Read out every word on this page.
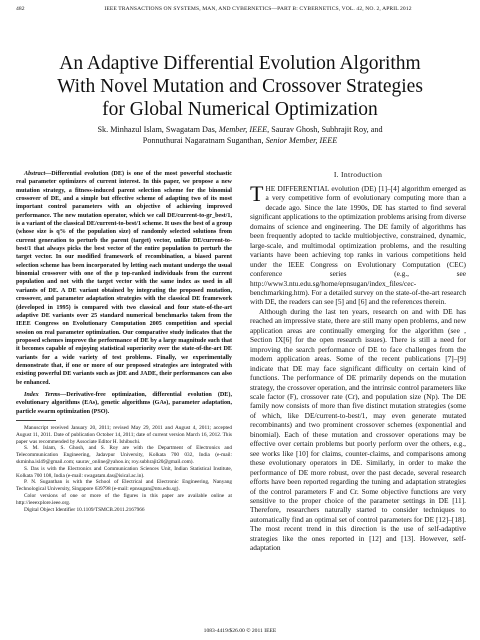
482	IEEE TRANSACTIONS ON SYSTEMS, MAN, AND CYBERNETICS—PART B: CYBERNETICS, VOL. 42, NO. 2, APRIL 2012
An Adaptive Differential Evolution Algorithm
With Novel Mutation and Crossover Strategies
for Global Numerical Optimization
Sk. Minhazul Islam, Swagatam Das, Member, IEEE, Saurav Ghosh, Subhrajit Roy, and
Ponnuthurai Nagaratnam Suganthan, Senior Member, IEEE

Abstract—Differential evolution (DE) is one of the most powerful stochastic real parameter optimizers of current interest. In this paper, we propose a new mutation strategy, a fitness-induced parent selection scheme for the binomial crossover of DE, and a simple but effective scheme of adapting two of its most important control parameters with an objective of achieving improved performance. The new mutation operator, which we call DE/current-to-gr_best/1, is a variant of the classical DE/current-to-best/1 scheme. It uses the best of a group (whose size is q% of the population size) of randomly selected solutions from current generation to perturb the parent (target) vector, unlike DE/current-to-best/1 that always picks the best vector of the entire population to perturb the target vector. In our modified framework of recombination, a biased parent selection scheme has been incorporated by letting each mutant undergo the usual binomial crossover with one of the p top-ranked individuals from the current population and not with the target vector with the same index as used in all variants of DE. A DE variant obtained by integrating the proposed mutation, crossover, and parameter adaptation strategies with the classical DE framework (developed in 1995) is compared with two classical and four state-of-the-art adaptive DE variants over 25 standard numerical benchmarks taken from the IEEE Congress on Evolutionary Computation 2005 competition and special session on real parameter optimization. Our comparative study indicates that the proposed schemes improve the performance of DE by a large magnitude such that it becomes capable of enjoying statistical superiority over the state-of-the-art DE variants for a wide variety of test problems. Finally, we experimentally demonstrate that, if one or more of our proposed strategies are integrated with existing powerful DE variants such as jDE and JADE, their performances can also be enhanced.

Index Terms—Derivative-free optimization, differential evolution (DE), evolutionary algorithms (EAs), genetic algorithms (GAs), parameter adaptation, particle swarm optimization (PSO).

Manuscript received January 20, 2011; revised May 29, 2011 and August 4, 2011; accepted August 11, 2011. Date of publication October 14, 2011; date of current version March 16, 2012. This paper was recommended by Associate Editor H. Ishibuchi.

S. M. Islam, S. Ghosh, and S. Roy are with the Department of Electronics and Telecommunication Engineering, Jadavpur University, Kolkata 700 032, India (e-mail: skminha.isl49@gmail.com; saurav_online@yahoo.in; roy.subhrajit20@gmail.com).

S. Das is with the Electronics and Communication Sciences Unit, Indian Statistical Institute, Kolkata 700 108, India (e-mail: swagatam.das@isical.ac.in).

P. N. Suganthan is with the School of Electrical and Electronic Engineering, Nanyang Technological University, Singapore 639798 (e-mail: epnsugan@ntu.edu.sg).

Color versions of one or more of the figures in this paper are available online at http://ieeexplore.ieee.org.

Digital Object Identifier 10.1109/TSMCB.2011.2167966

I. Introduction

THE DIFFERENTIAL evolution (DE) [1]–[4] algorithm emerged as a very competitive form of evolutionary computing more than a decade ago. Since the late 1990s, DE has started to find several significant applications to the optimization problems arising from diverse domains of science and engineering. The DE family of algorithms has been frequently adopted to tackle multiobjective, constrained, dynamic, large-scale, and multimodal optimization problems, and the resulting variants have been achieving top ranks in various competitions held under the IEEE Congress on Evolutionary Computation (CEC) conference series (e.g., see http://www3.ntu.edu.sg/home/epnsugan/index_files/cec-benchmarking.htm). For a detailed survey on the state-of-the-art research with DE, the readers can see [5] and [6] and the references therein.

Although during the last ten years, research on and with DE has reached an impressive state, there are still many open problems, and new application areas are continually emerging for the algorithm (see , Section IX[6] for the open research issues). There is still a need for improving the search performance of DE to face challenges from the modern application areas. Some of the recent publications [7]–[9] indicate that DE may face significant difficulty on certain kind of functions. The performance of DE primarily depends on the mutation strategy, the crossover operation, and the intrinsic control parameters like scale factor (F), crossover rate (Cr), and population size (Np). The DE family now consists of more than five distinct mutation strategies (some of which, like DE/current-to-best/1, may even generate mutated recombinants) and two prominent crossover schemes (exponential and binomial). Each of these mutation and crossover operations may be effective over certain problems but poorly perform over the others, e.g., see works like [10] for claims, counter-claims, and comparisons among these evolutionary operators in DE. Similarly, in order to make the performance of DE more robust, over the past decade, several research efforts have been reported regarding the tuning and adaptation strategies of the control parameters F and Cr. Some objective functions are very sensitive to the proper choice of the parameter settings in DE [11]. Therefore, researchers naturally started to consider techniques to automatically find an optimal set of control parameters for DE [12]–[18]. The most recent trend in this direction is the use of self-adaptive strategies like the ones reported in [12] and [13]. However, self-adaptation

1083-4419/$26.00 © 2011 IEEE
